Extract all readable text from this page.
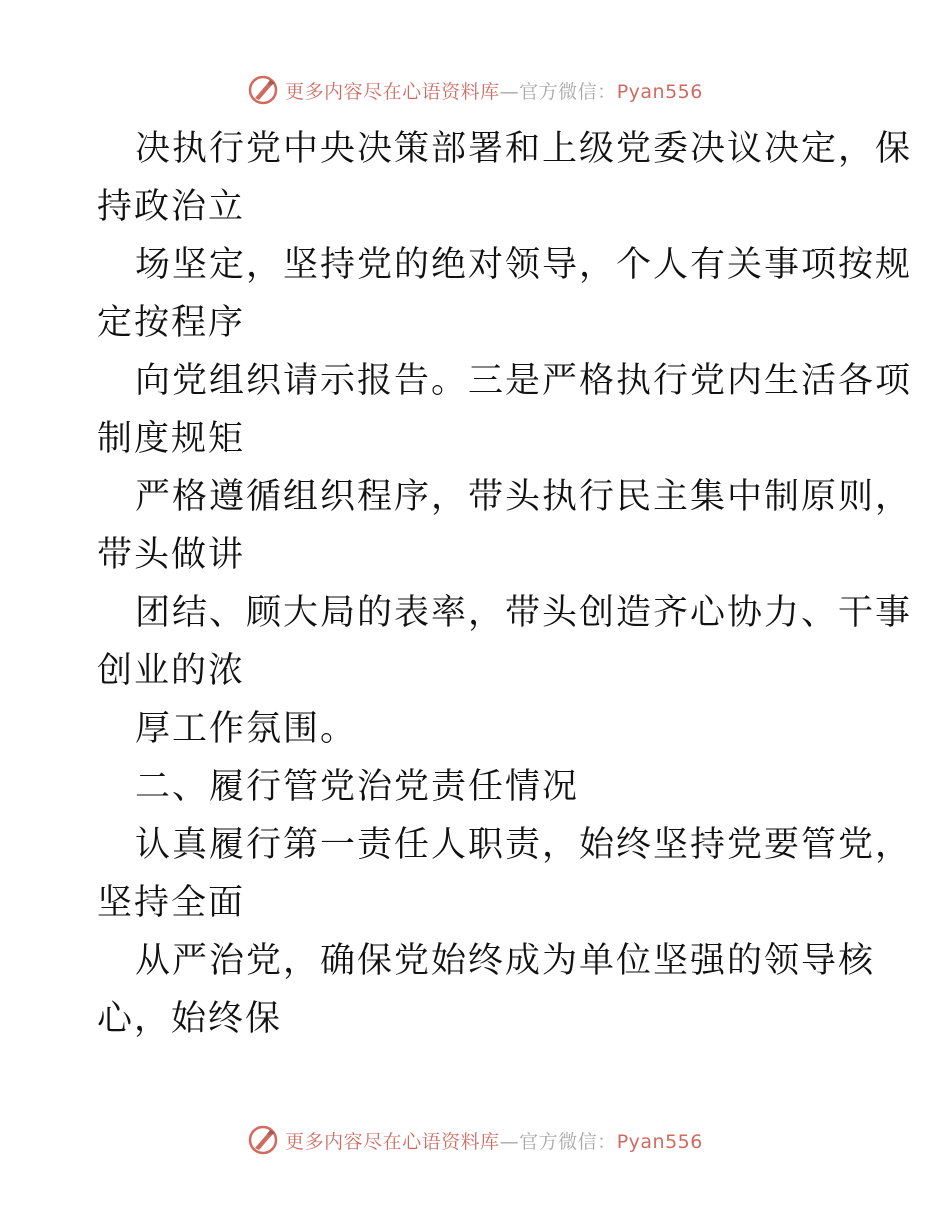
更多内容尽在心语资料库—官方微信：Pyan556
决执行党中央决策部署和上级党委决议决定，保
持政治立
场坚定，坚持党的绝对领导，个人有关事项按规
定按程序
向党组织请示报告。三是严格执行党内生活各项
制度规矩
严格遵循组织程序，带头执行民主集中制原则，
带头做讲
团结、顾大局的表率，带头创造齐心协力、干事
创业的浓
厚工作氛围。
二、履行管党治党责任情况
认真履行第一责任人职责，始终坚持党要管党，
坚持全面
从严治党，确保党始终成为单位坚强的领导核
心，始终保
更多内容尽在心语资料库—官方微信：Pyan556
